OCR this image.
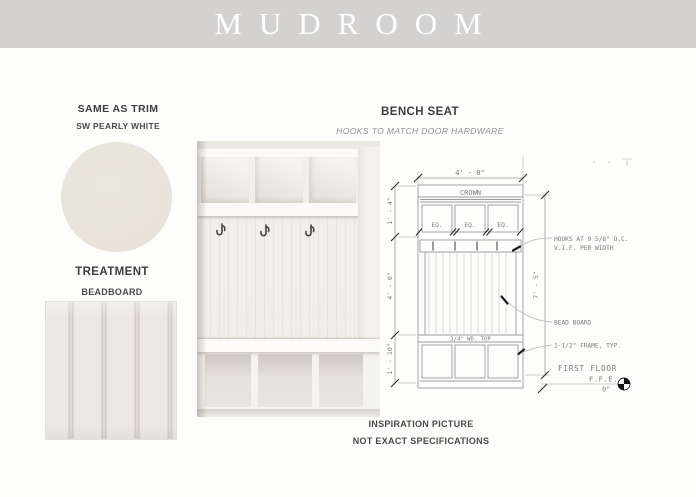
MUDROOM
SAME AS TRIM
SW PEARLY WHITE
TREATMENT
BEADBOARD
BENCH SEAT
HOOKS TO MATCH DOOR HARDWARE
INSPIRATION PICTURE
NOT EXACT SPECIFICATIONS
4' - 0"
CROWN
EQ.	EQ.	EQ.
1' - 4"
4' - 0"
1' - 10"
7' - 5"
HOOKS AT 9 5/8" O.C.
V.I.F. PER WIDTH
3/4" WD. TOP
BEAD BOARD
1-1/2" FRAME, TYP.
FIRST FLOOR
F.F.E.
0"
